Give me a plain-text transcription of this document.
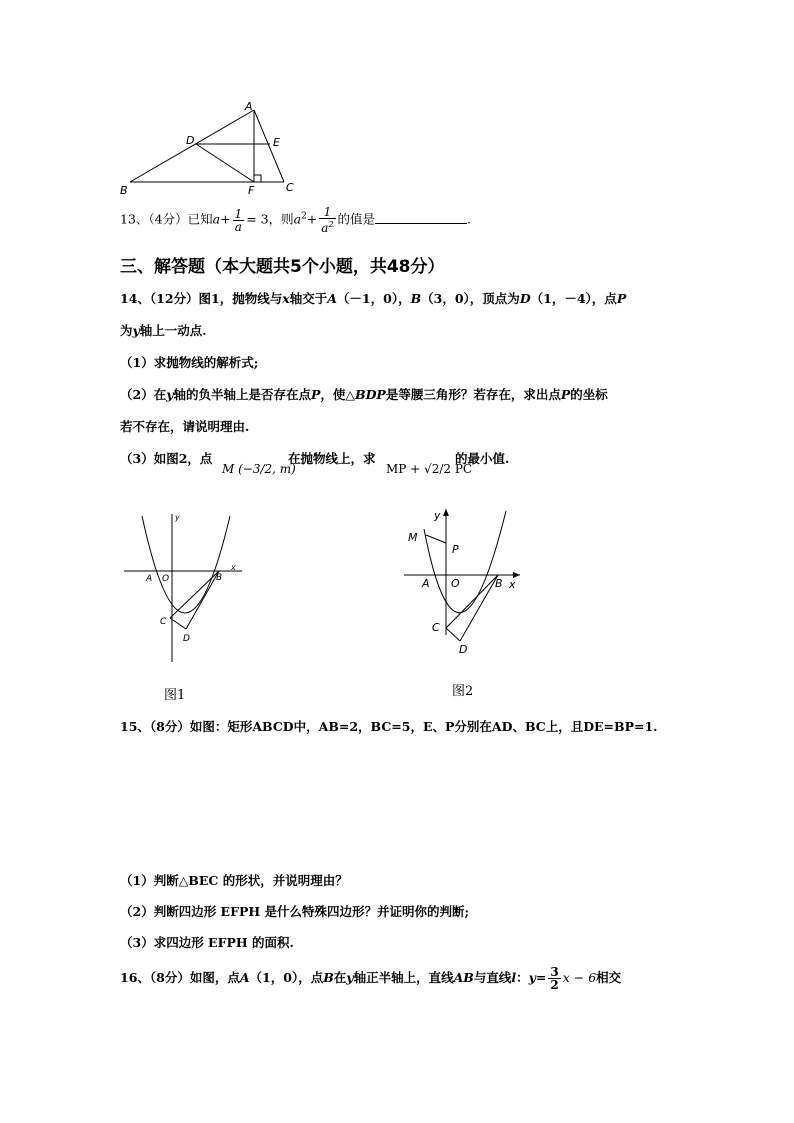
A
D	E
B	F	C
13、（4分）已知$a+ \frac{1}{a} = 3$，则$a^2+ \frac{1}{a^2}$ 的值是	.
三、解答题（本大题共5个小题，共48分）
14、（12分）图1，抛物线与x轴交于A（－1，0），B（3，0），顶点为D（1，－4），点P
为y轴上一动点.
（1）求抛物线的解析式;
（2）在y轴的负半轴上是否存在点P，使△BDP是等腰三角形？若存在，求出点P的坐标
若不存在，请说明理由.
（3）如图2，点
M (−3/2, m)
在抛物线上，求
MP + √2/2 PC
的最小值.
y
x
A O	B
C
D
图1
y
M
P
A O	B x
C
D
图2
15、（8分）如图：矩形ABCD中，AB=2，BC=5，E、P分别在AD、BC上，且DE=BP=1.
（1）判断△BEC 的形状，并说明理由？
（2）判断四边形 EFPH 是什么特殊四边形？并证明你的判断;
（3）求四边形 EFPH 的面积.
16、（8分）如图，点A（1，0），点B在y轴正半轴上，直线AB与直线l：$y= \frac{3}{2}$ x − 6相交
